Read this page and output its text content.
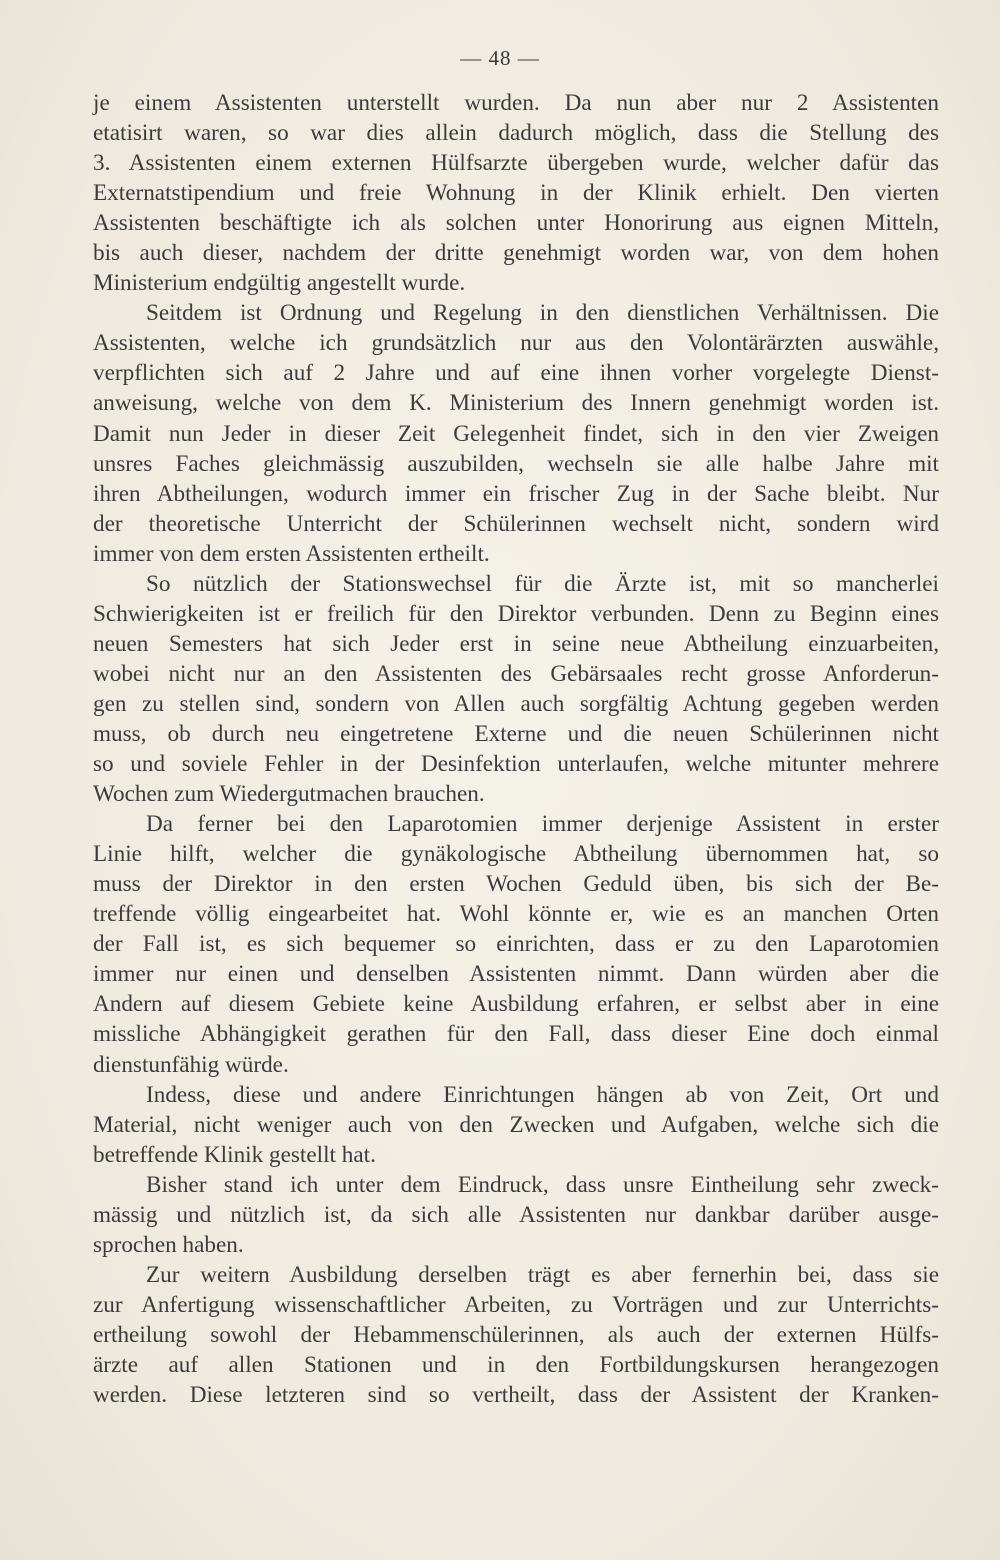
— 48 —
je einem Assistenten unterstellt wurden. Da nun aber nur 2 Assistenten
etatisirt waren, so war dies allein dadurch möglich, dass die Stellung des
3. Assistenten einem externen Hülfsarzte übergeben wurde, welcher dafür das
Externatstipendium und freie Wohnung in der Klinik erhielt. Den vierten
Assistenten beschäftigte ich als solchen unter Honorirung aus eignen Mitteln,
bis auch dieser, nachdem der dritte genehmigt worden war, von dem hohen
Ministerium endgültig angestellt wurde.
Seitdem ist Ordnung und Regelung in den dienstlichen Verhältnissen. Die
Assistenten, welche ich grundsätzlich nur aus den Volontärärzten auswähle,
verpflichten sich auf 2 Jahre und auf eine ihnen vorher vorgelegte Dienst-
anweisung, welche von dem K. Ministerium des Innern genehmigt worden ist.
Damit nun Jeder in dieser Zeit Gelegenheit findet, sich in den vier Zweigen
unsres Faches gleichmässig auszubilden, wechseln sie alle halbe Jahre mit
ihren Abtheilungen, wodurch immer ein frischer Zug in der Sache bleibt. Nur
der theoretische Unterricht der Schülerinnen wechselt nicht, sondern wird
immer von dem ersten Assistenten ertheilt.
So nützlich der Stationswechsel für die Ärzte ist, mit so mancherlei
Schwierigkeiten ist er freilich für den Direktor verbunden. Denn zu Beginn eines
neuen Semesters hat sich Jeder erst in seine neue Abtheilung einzuarbeiten,
wobei nicht nur an den Assistenten des Gebärsaales recht grosse Anforderun-
gen zu stellen sind, sondern von Allen auch sorgfältig Achtung gegeben werden
muss, ob durch neu eingetretene Externe und die neuen Schülerinnen nicht
so und soviele Fehler in der Desinfektion unterlaufen, welche mitunter mehrere
Wochen zum Wiedergutmachen brauchen.
Da ferner bei den Laparotomien immer derjenige Assistent in erster
Linie hilft, welcher die gynäkologische Abtheilung übernommen hat, so
muss der Direktor in den ersten Wochen Geduld üben, bis sich der Be-
treffende völlig eingearbeitet hat. Wohl könnte er, wie es an manchen Orten
der Fall ist, es sich bequemer so einrichten, dass er zu den Laparotomien
immer nur einen und denselben Assistenten nimmt. Dann würden aber die
Andern auf diesem Gebiete keine Ausbildung erfahren, er selbst aber in eine
missliche Abhängigkeit gerathen für den Fall, dass dieser Eine doch einmal
dienstunfähig würde.
Indess, diese und andere Einrichtungen hängen ab von Zeit, Ort und
Material, nicht weniger auch von den Zwecken und Aufgaben, welche sich die
betreffende Klinik gestellt hat.
Bisher stand ich unter dem Eindruck, dass unsre Eintheilung sehr zweck-
mässig und nützlich ist, da sich alle Assistenten nur dankbar darüber ausge-
sprochen haben.
Zur weitern Ausbildung derselben trägt es aber fernerhin bei, dass sie
zur Anfertigung wissenschaftlicher Arbeiten, zu Vorträgen und zur Unterrichts-
ertheilung sowohl der Hebammenschülerinnen, als auch der externen Hülfs-
ärzte auf allen Stationen und in den Fortbildungskursen herangezogen
werden. Diese letzteren sind so vertheilt, dass der Assistent der Kranken-
